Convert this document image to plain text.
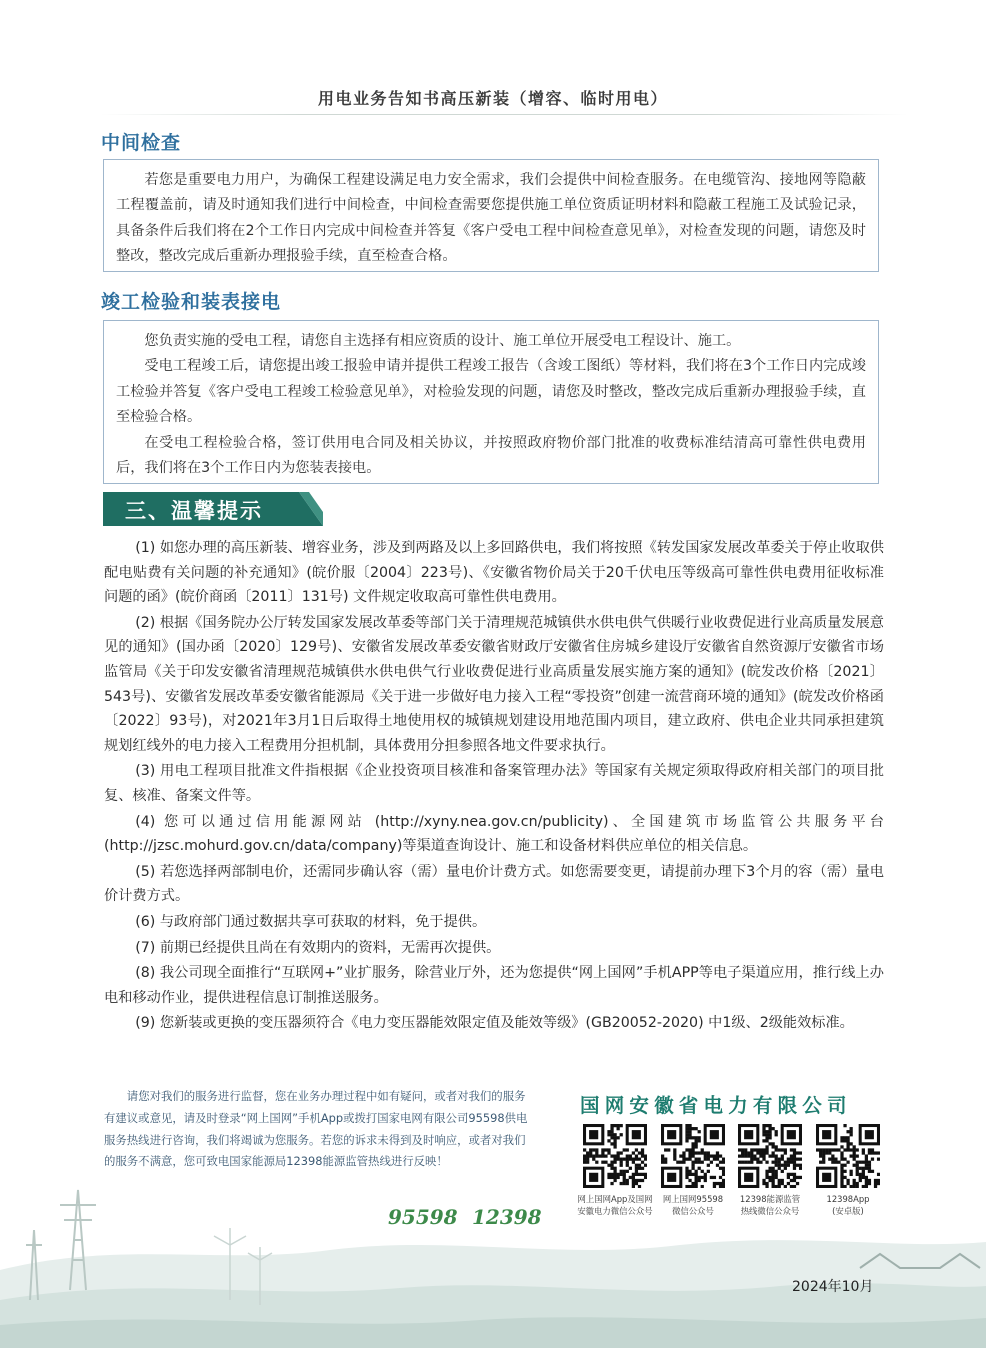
用电业务告知书高压新装（增容、临时用电）
中间检查

若您是重要电力用户，为确保工程建设满足电力安全需求，我们会提供中间检查服务。在电缆管沟、接地网等隐蔽工程覆盖前，请及时通知我们进行中间检查，中间检查需要您提供施工单位资质证明材料和隐蔽工程施工及试验记录，具备条件后我们将在2个工作日内完成中间检查并答复《客户受电工程中间检查意见单》，对检查发现的问题，请您及时整改，整改完成后重新办理报验手续，直至检查合格。

竣工检验和装表接电

您负责实施的受电工程，请您自主选择有相应资质的设计、施工单位开展受电工程设计、施工。

受电工程竣工后，请您提出竣工报验申请并提供工程竣工报告（含竣工图纸）等材料，我们将在3个工作日内完成竣工检验并答复《客户受电工程竣工检验意见单》，对检验发现的问题，请您及时整改，整改完成后重新办理报验手续，直至检验合格。

在受电工程检验合格，签订供用电合同及相关协议，并按照政府物价部门批准的收费标准结清高可靠性供电费用后，我们将在3个工作日内为您装表接电。

三、温馨提示

(1) 如您办理的高压新装、增容业务，涉及到两路及以上多回路供电，我们将按照《转发国家发展改革委关于停止收取供配电贴费有关问题的补充通知》(皖价服〔2004〕223号)、《安徽省物价局关于20千伏电压等级高可靠性供电费用征收标准问题的函》(皖价商函〔2011〕131号) 文件规定收取高可靠性供电费用。

(2) 根据《国务院办公厅转发国家发展改革委等部门关于清理规范城镇供水供电供气供暖行业收费促进行业高质量发展意见的通知》(国办函〔2020〕129号)、安徽省发展改革委安徽省财政厅安徽省住房城乡建设厅安徽省自然资源厅安徽省市场监管局《关于印发安徽省清理规范城镇供水供电供气行业收费促进行业高质量发展实施方案的通知》(皖发改价格〔2021〕543号)、安徽省发展改革委安徽省能源局《关于进一步做好电力接入工程“零投资”创建一流营商环境的通知》(皖发改价格函〔2022〕93号)，对2021年3月1日后取得土地使用权的城镇规划建设用地范围内项目，建立政府、供电企业共同承担建筑规划红线外的电力接入工程费用分担机制，具体费用分担参照各地文件要求执行。

(3) 用电工程项目批准文件指根据《企业投资项目核准和备案管理办法》等国家有关规定须取得政府相关部门的项目批复、核准、备案文件等。

(4) 您可以通过信用能源网站 (http://xyny.nea.gov.cn/publicity)、全国建筑市场监管公共服务平台(http://jzsc.mohurd.gov.cn/data/company)等渠道查询设计、施工和设备材料供应单位的相关信息。

(5) 若您选择两部制电价，还需同步确认容（需）量电价计费方式。如您需要变更，请提前办理下3个月的容（需）量电价计费方式。

(6) 与政府部门通过数据共享可获取的材料，免于提供。

(7) 前期已经提供且尚在有效期内的资料，无需再次提供。

(8) 我公司现全面推行“互联网+”业扩服务，除营业厅外，还为您提供“网上国网”手机APP等电子渠道应用，推行线上办电和移动作业，提供进程信息订制推送服务。

(9) 您新装或更换的变压器须符合《电力变压器能效限定值及能效等级》(GB20052-2020) 中1级、2级能效标准。

请您对我们的服务进行监督，您在业务办理过程中如有疑问，或者对我们的服务有建议或意见，请及时登录“网上国网”手机App或拨打国家电网有限公司95598供电服务热线进行咨询，我们将竭诚为您服务。若您的诉求未得到及时响应，或者对我们的服务不满意，您可致电国家能源局12398能源监管热线进行反映！
95598 12398
国网安徽省电力有限公司
网上国网App及国网
安徽电力微信公众号
网上国网95598
微信公众号
12398能源监管
热线微信公众号
12398App
(安卓版)
2024年10月
